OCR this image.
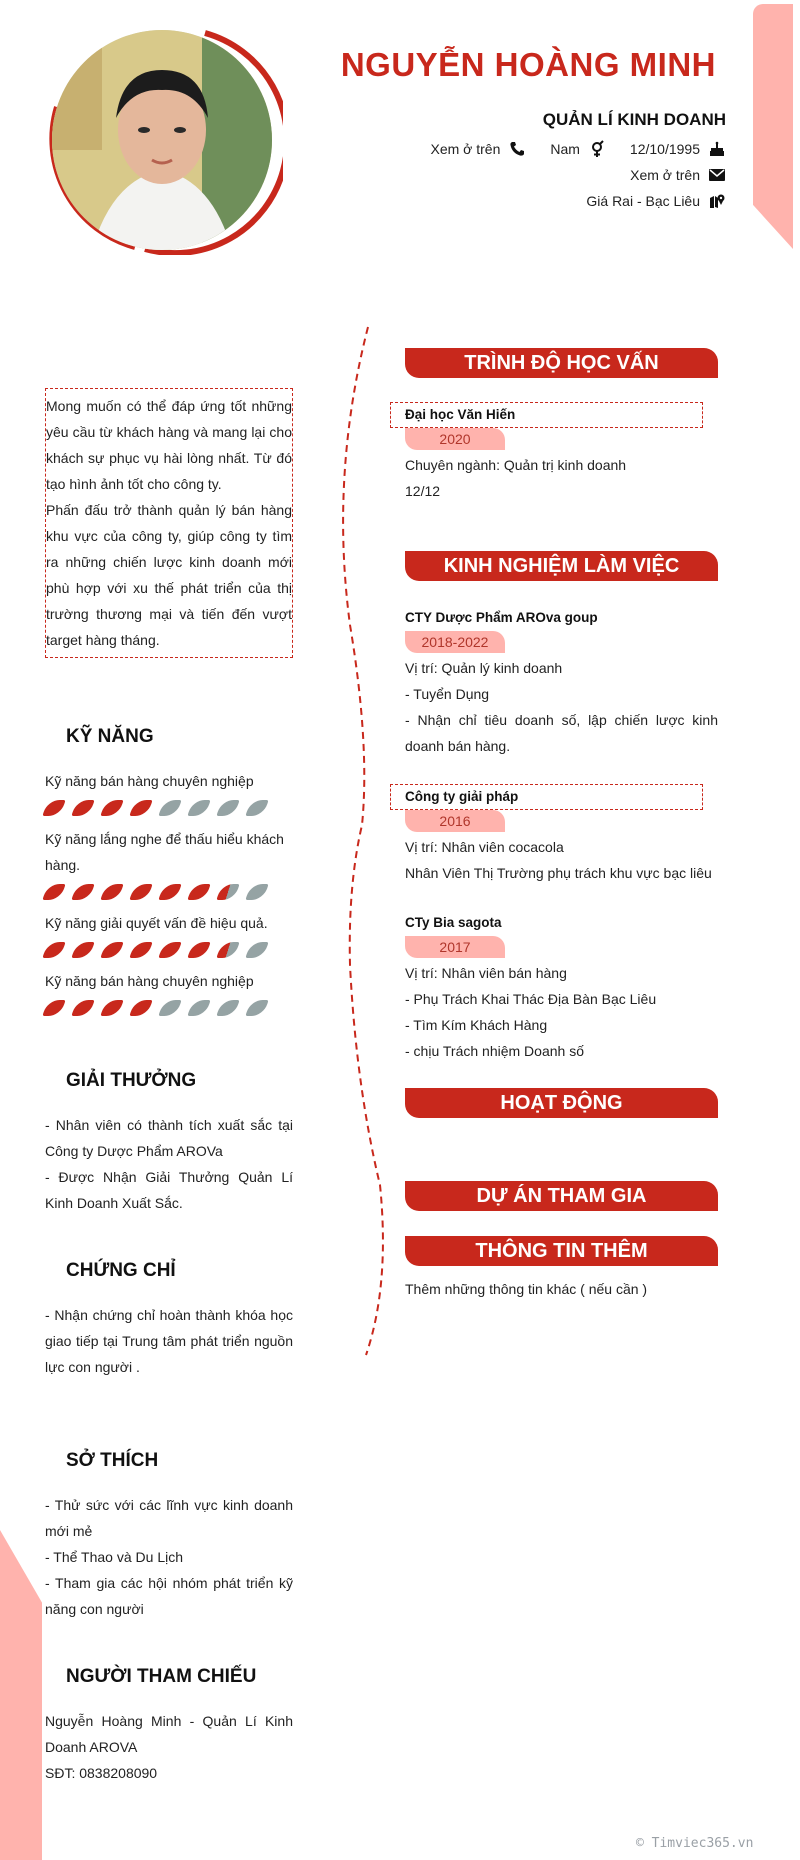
NGUYỄN HOÀNG MINH
QUẢN LÍ KINH DOANH
Xem ở trên	Nam	12/10/1995
Xem ở trên
Giá Rai - Bạc Liêu

Mong muốn có thể đáp ứng tốt những yêu cầu từ khách hàng và mang lại cho khách sự phục vụ hài lòng nhất. Từ đó tạo hình ảnh tốt cho công ty.

Phấn đấu trở thành quản lý bán hàng khu vực của công ty, giúp công ty tìm ra những chiến lược kinh doanh mới phù hợp với xu thế phát triển của thị trường thương mại và tiến đến vượt target hàng tháng.

KỸ NĂNG
Kỹ năng bán hàng chuyên nghiệp
Kỹ năng lắng nghe để thấu hiểu khách hàng.
Kỹ năng giải quyết vấn đề hiệu quả.
Kỹ năng bán hàng chuyên nghiệp
GIẢI THƯỞNG
- Nhân viên có thành tích xuất sắc tại Công ty Dược Phẩm AROVa
- Được Nhận Giải Thưởng Quản Lí Kinh Doanh Xuất Sắc.
CHỨNG CHỈ
- Nhận chứng chỉ hoàn thành khóa học giao tiếp tại Trung tâm phát triển nguồn lực con người .
SỞ THÍCH
- Thử sức với các lĩnh vực kinh doanh mới mẻ
- Thể Thao và Du Lịch
- Tham gia các hội nhóm phát triển kỹ năng con người
NGƯỜI THAM CHIẾU
Nguyễn Hoàng Minh - Quản Lí Kinh Doanh AROVA
SĐT: 0838208090
TRÌNH ĐỘ HỌC VẤN
Đại học Văn Hiến
2020
Chuyên ngành: Quản trị kinh doanh
12/12
KINH NGHIỆM LÀM VIỆC
CTY Dược Phẩm AROva goup
2018-2022
Vị trí: Quản lý kinh doanh
- Tuyển Dụng
- Nhận chỉ tiêu doanh số, lập chiến lược kinh doanh bán hàng.
Công ty giải pháp
2016
Vị trí: Nhân viên cocacola
Nhân Viên Thị Trường phụ trách khu vực bạc liêu
CTy Bia sagota
2017
Vị trí: Nhân viên bán hàng
- Phụ Trách Khai Thác Địa Bàn Bạc Liêu
- Tìm Kím Khách Hàng
- chịu Trách nhiệm Doanh số
HOẠT ĐỘNG
DỰ ÁN THAM GIA
THÔNG TIN THÊM
Thêm những thông tin khác ( nếu cần )
© Timviec365.vn
